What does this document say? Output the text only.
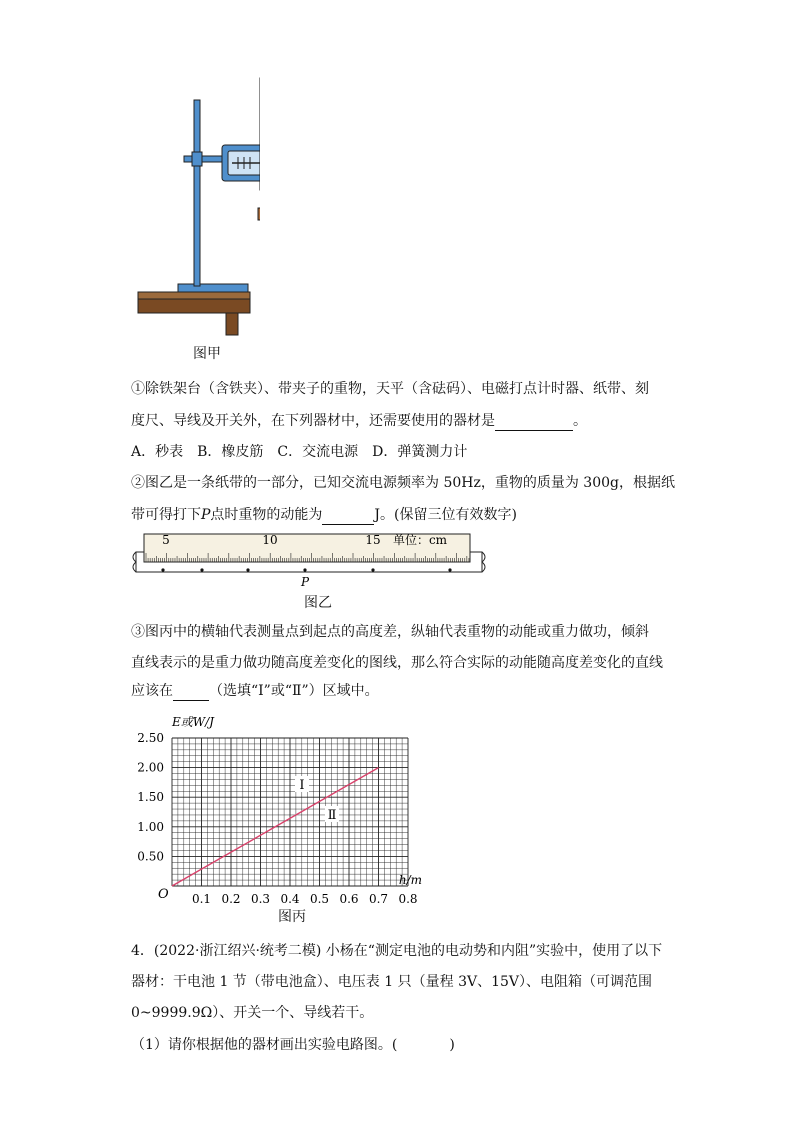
图甲
①除铁架台（含铁夹）、带夹子的重物，天平（含砝码）、电磁打点计时器、纸带、刻
度尺、导线及开关外，在下列器材中，还需要使用的器材是	。
A．秒表　B．橡皮筋　C．交流电源　D．弹簧测力计
②图乙是一条纸带的一部分，已知交流电源频率为 50Hz，重物的质量为 300g，根据纸
带可得打下P点时重物的动能为	J。(保留三位有效数字)
5	10	15 单位：cm
P
图乙
③图丙中的横轴代表测量点到起点的高度差，纵轴代表重物的动能或重力做功，倾斜
直线表示的是重力做功随高度差变化的图线，那么符合实际的动能随高度差变化的直线
应该在	（选填“Ⅰ”或“Ⅱ”）区域中。
0.50
1.00
1.50
2.00
2.50
0.1 0.2 0.3 0.4 0.5 0.6 0.7 0.8
E或W/J
h/m
O
Ⅰ
Ⅱ
图丙
4．(2022·浙江绍兴·统考二模) 小杨在“测定电池的电动势和内阻”实验中，使用了以下
器材：干电池 1 节（带电池盒）、电压表 1 只（量程 3V、15V）、电阻箱（可调范围
0~9999.9Ω）、开关一个、导线若干。
（1）请你根据他的器材画出实验电路图。(	)
